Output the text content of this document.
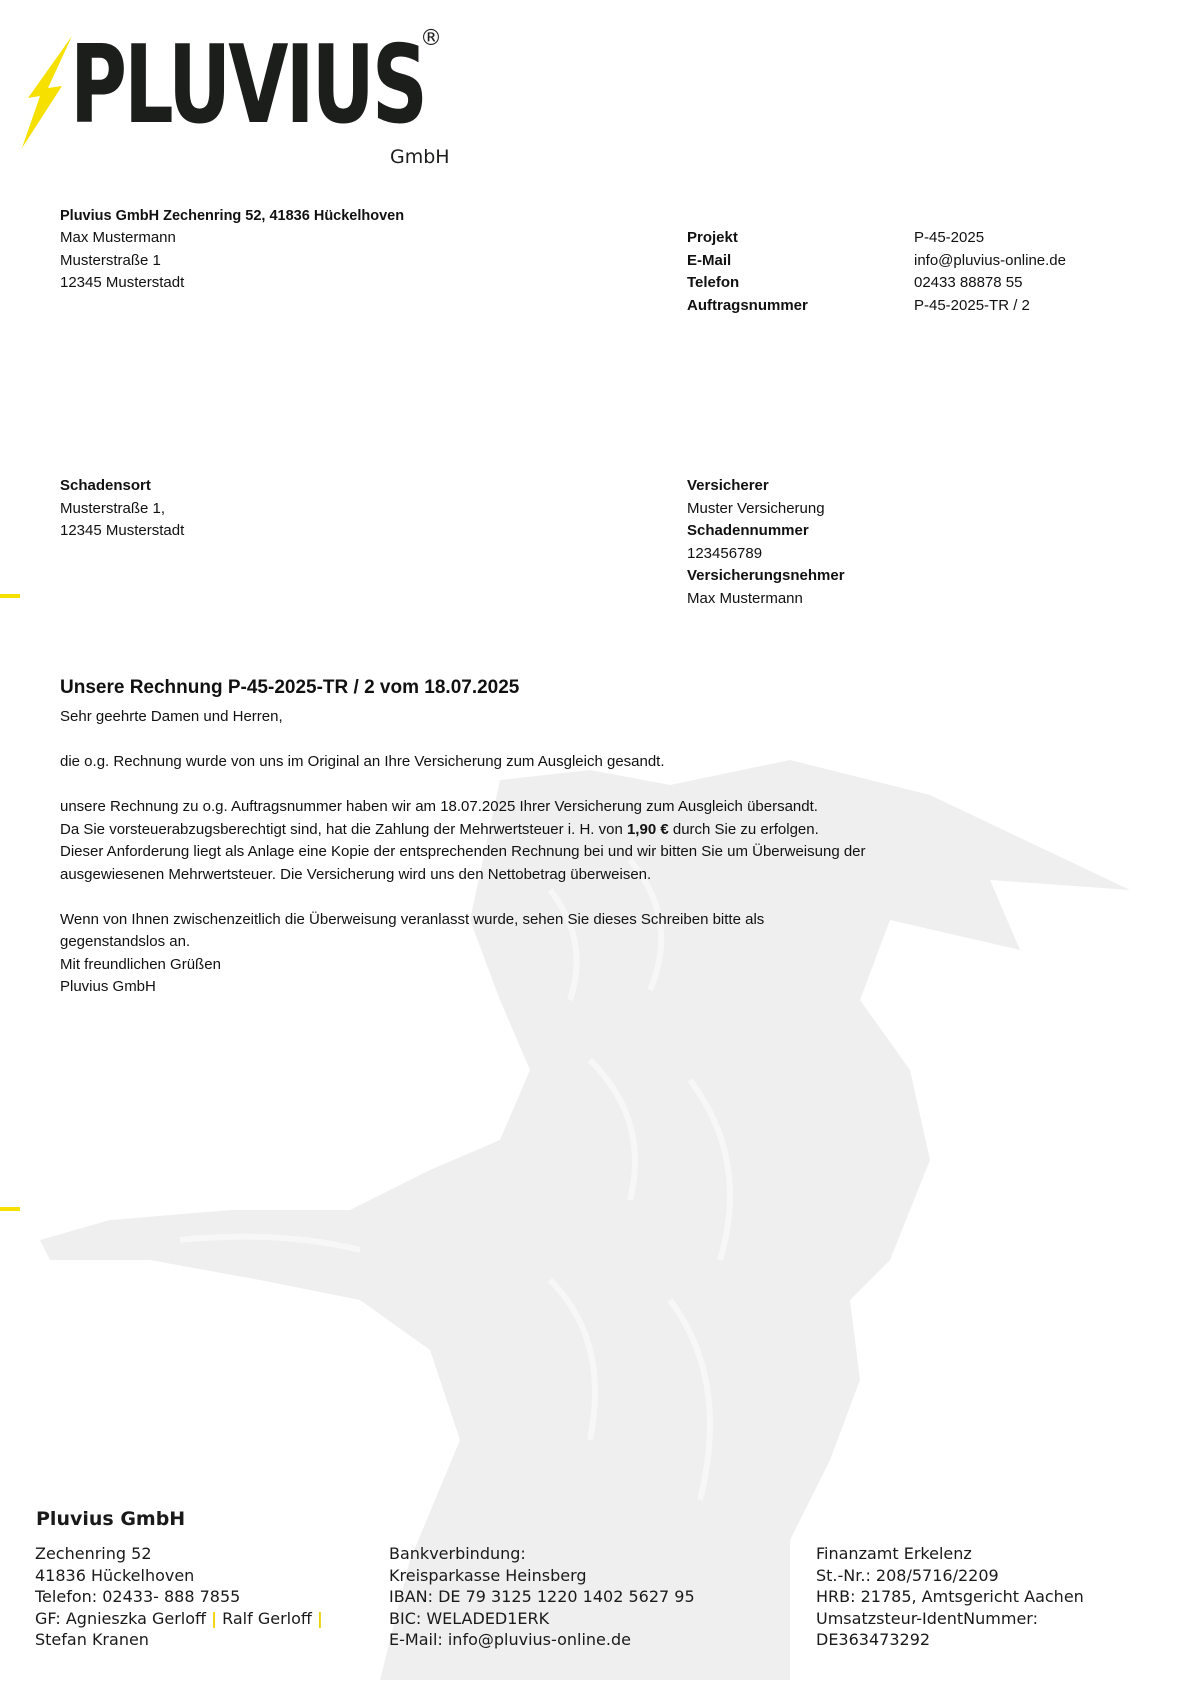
PLUVIUS
®
GmbH
Pluvius GmbH Zechenring 52, 41836 Hückelhoven
Max Mustermann
Musterstraße 1
12345 Musterstadt
Projekt	P-45-2025
E-Mail	info@pluvius-online.de
Telefon	02433 88878 55
Auftragsnummer	P-45-2025-TR / 2
Schadensort
Musterstraße 1,
12345 Musterstadt
Versicherer
Muster Versicherung
Schadennummer
123456789
Versicherungsnehmer
Max Mustermann
Unsere Rechnung P-45-2025-TR / 2 vom 18.07.2025

Sehr geehrte Damen und Herren,

die o.g. Rechnung wurde von uns im Original an Ihre Versicherung zum Ausgleich gesandt.

unsere Rechnung zu o.g. Auftragsnummer haben wir am 18.07.2025 Ihrer Versicherung zum Ausgleich übersandt.

Da Sie vorsteuerabzugsberechtigt sind, hat die Zahlung der Mehrwertsteuer i. H. von 1,90 € durch Sie zu erfolgen.

Dieser Anforderung liegt als Anlage eine Kopie der entsprechenden Rechnung bei und wir bitten Sie um Überweisung der

ausgewiesenen Mehrwertsteuer. Die Versicherung wird uns den Nettobetrag überweisen.

Wenn von Ihnen zwischenzeitlich die Überweisung veranlasst wurde, sehen Sie dieses Schreiben bitte als

gegenstandslos an.

Mit freundlichen Grüßen

Pluvius GmbH

Pluvius GmbH
Zechenring 52
41836 Hückelhoven
Telefon: 02433- 888 7855
GF: Agnieszka Gerloff | Ralf Gerloff |
Stefan Kranen
Bankverbindung:
Kreisparkasse Heinsberg
IBAN: DE 79 3125 1220 1402 5627 95
BIC: WELADED1ERK
E-Mail: info@pluvius-online.de
Finanzamt Erkelenz
St.-Nr.: 208/5716/2209
HRB: 21785, Amtsgericht Aachen
Umsatzsteur-IdentNummer:
DE363473292
